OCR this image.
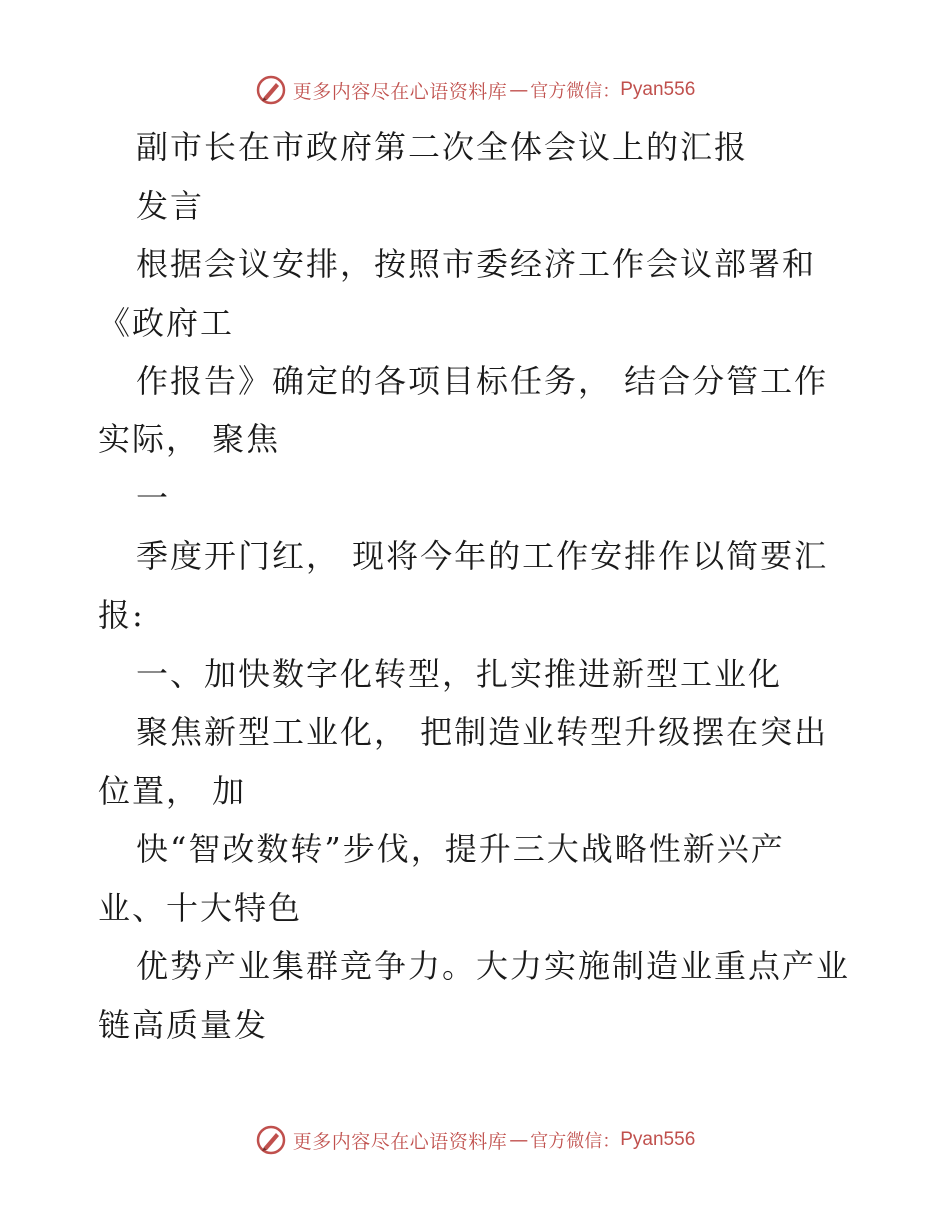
更多内容尽在心语资料库 — 官方微信： Pyan556

副市长在市政府第二次全体会议上的汇报

发言

根据会议安排，按照市委经济工作会议部署和

《政府工

作报告》确定的各项目标任务， 结合分管工作

实际， 聚焦

一

季度开门红， 现将今年的工作安排作以简要汇

报:

一、加快数字化转型，扎实推进新型工业化

聚焦新型工业化， 把制造业转型升级摆在突出

位置， 加

快“智改数转”步伐，提升三大战略性新兴产

业、十大特色

优势产业集群竞争力。大力实施制造业重点产业

链高质量发

更多内容尽在心语资料库 — 官方微信： Pyan556
